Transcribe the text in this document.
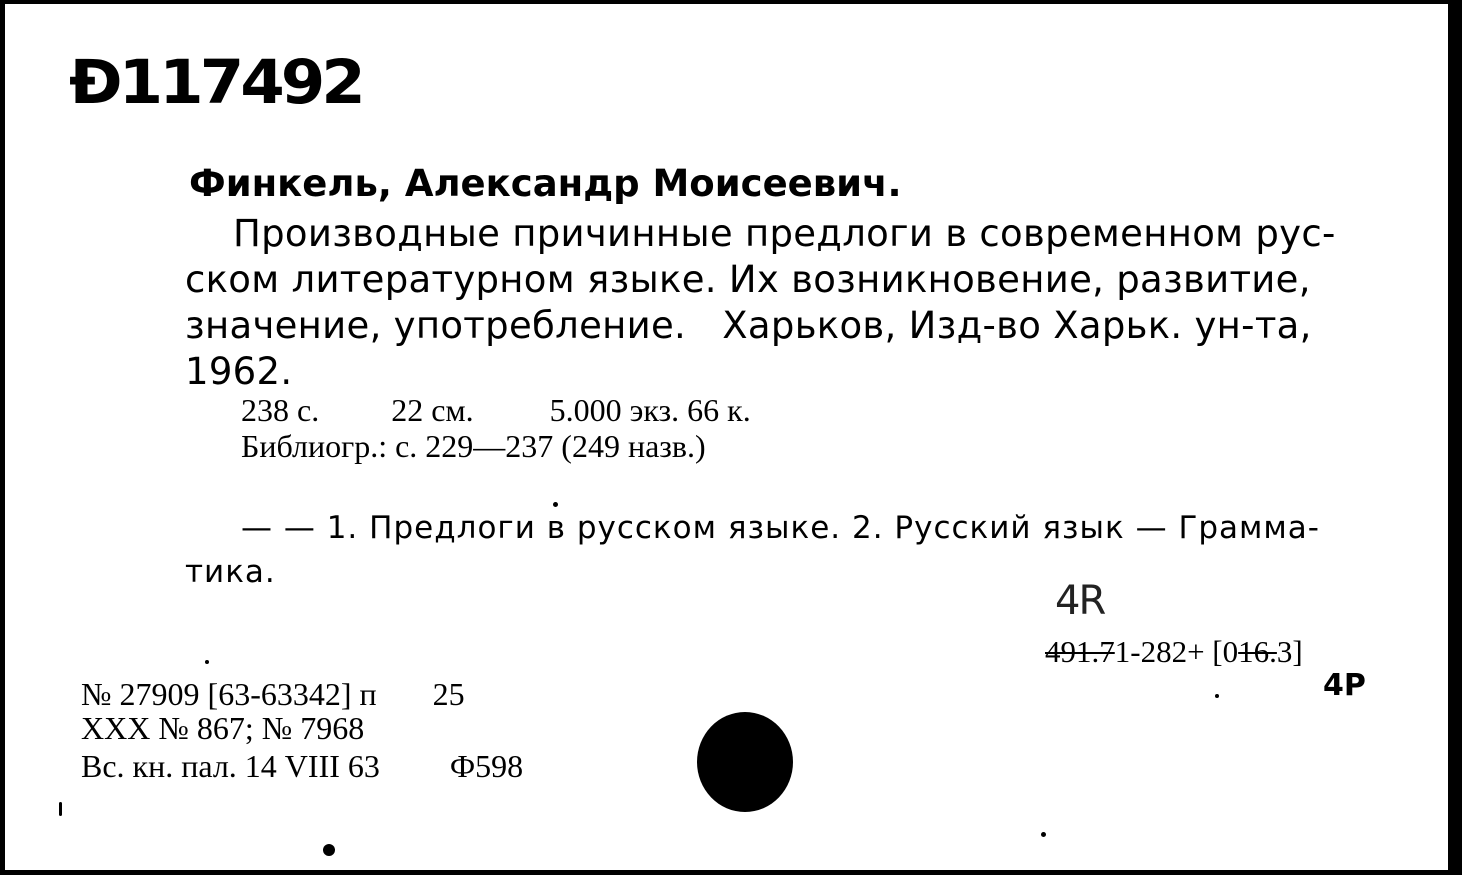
Ð117492
Финкель, Александр Моисеевич.
Производные причинные предлоги в современном рус-
ском литературном языке. Их возникновение, развитие,
значение, употребление.   Харьков, Изд-во Харьк. ун-та,
1962.
238 с. 22 см. 5.000 экз. 66 к.
Библиогр.: с. 229—237 (249 назв.)
— — 1. Предлоги в русском языке. 2. Русский язык — Грамма-
тика.
4R
491.71-282+ [016.3]
4Р
№ 27909 [63-63342] п 25
XXX № 867; № 7968
Вс. кн. пал. 14 VIII 63 Ф598
